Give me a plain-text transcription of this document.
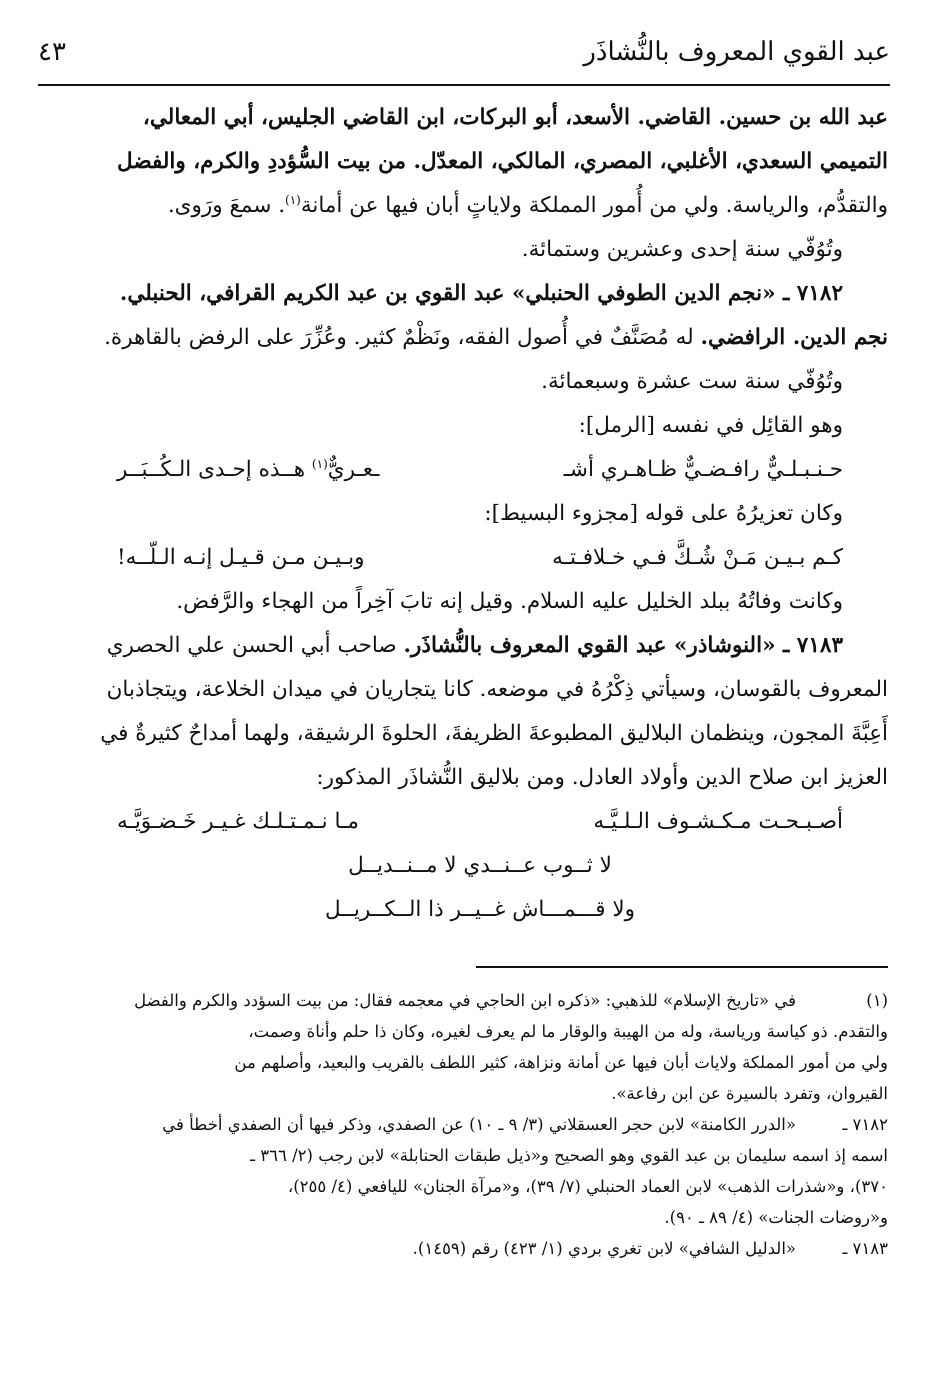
عبد القوي المعروف بالنُّشاذَر
٤٣

عبد الله بن حسين. القاضي. الأسعد، أبو البركات، ابن القاضي الجليس، أبي المعالي،

التميمي السعدي، الأغلبي، المصري، المالكي، المعدّل. من بيت السُّؤددِ والكرم، والفضل

والتقدُّم، والرياسة. ولي من أُمور المملكة ولاياتٍ أبان فيها عن أمانة$^{(١)}$. سمعَ ورَوى.

وتُوُفّي سنة إحدى وعشرين وستمائة.

٧١٨٢ ـ «نجم الدين الطوفي الحنبلي» عبد القوي بن عبد الكريم القرافي، الحنبلي.

نجم الدين. الرافضي. له مُصَنَّفٌ في أُصول الفقه، ونَظْمٌ كثير. وعُزِّرَ على الرفض بالقاهرة.

وتُوُفّي سنة ست عشرة وسبعمائة.

وهو القائِل في نفسه [الرمل]:

حـنـبـلـيٌّ رافـضـيٌّ ظـاهـري أشـ
ـعـريٌّ$^{(١)}$ هــذه إحـدى الـكُــبَــر

وكان تعزيرُهُ على قوله [مجزوء البسيط]:

كـم بـيـن مَـنْ شُـكَّ فـي خـلافـتـه
وبـيـن مـن قـيـل إنـه الـلّــه!

وكانت وفاتُهُ ببلد الخليل عليه السلام. وقيل إنه تابَ آخِراً من الهجاء والرَّفض.

٧١٨٣ ـ «النوشاذر» عبد القوي المعروف بالنُّشاذَر. صاحب أبي الحسن علي الحصري

المعروف بالقوسان، وسيأتي ذِكْرُهُ في موضعه. كانا يتجاريان في ميدان الخلاعة، ويتجاذبان

أَعِبَّةَ المجون، وينظمان البلاليق المطبوعةَ الظريفةَ، الحلوةَ الرشيقة، ولهما أمداحٌ كثيرةٌ في

العزيز ابن صلاح الدين وأولاد العادل. ومن بلاليق النُّشاذَر المذكور:

أصـبـحـت مـكـشـوف الـلـيَّـه
مـا نـمـتـلـك غـيـر خَـضـوَيَّـه

لا ثــوب عــنــدي لا مــنــديــل

ولا قـــمـــاش غــيــر ذا الــكــريــل

(١)
في «تاريخ الإسلام» للذهبي: «ذكره ابن الحاجي في معجمه فقال: من بيت السؤدد والكرم والفضل
والتقدم. ذو كياسة ورياسة، وله من الهيبة والوقار ما لم يعرف لغيره، وكان ذا حلم وأناة وصمت،
ولي من أمور المملكة ولايات أبان فيها عن أمانة ونزاهة، كثير اللطف بالقريب والبعيد، وأصلهم من
القيروان، وتفرد بالسيرة عن ابن رفاعة».
٧١٨٢ ـ
«الدرر الكامنة» لابن حجر العسقلاني (٣/ ٩ ـ ١٠) عن الصفدي، وذكر فيها أن الصفدي أخطأ في
اسمه إذ اسمه سليمان بن عبد القوي وهو الصحيح و«ذيل طبقات الحنابلة» لابن رجب (٢/ ٣٦٦ ـ
٣٧٠)، و«شذرات الذهب» لابن العماد الحنبلي (٧/ ٣٩)، و«مرآة الجنان» لليافعي (٤/ ٢٥٥)،
و«روضات الجنات» (٤/ ٨٩ ـ ٩٠).
٧١٨٣ ـ
«الدليل الشافي» لابن تغري بردي (١/ ٤٢٣) رقم (١٤٥٩).
